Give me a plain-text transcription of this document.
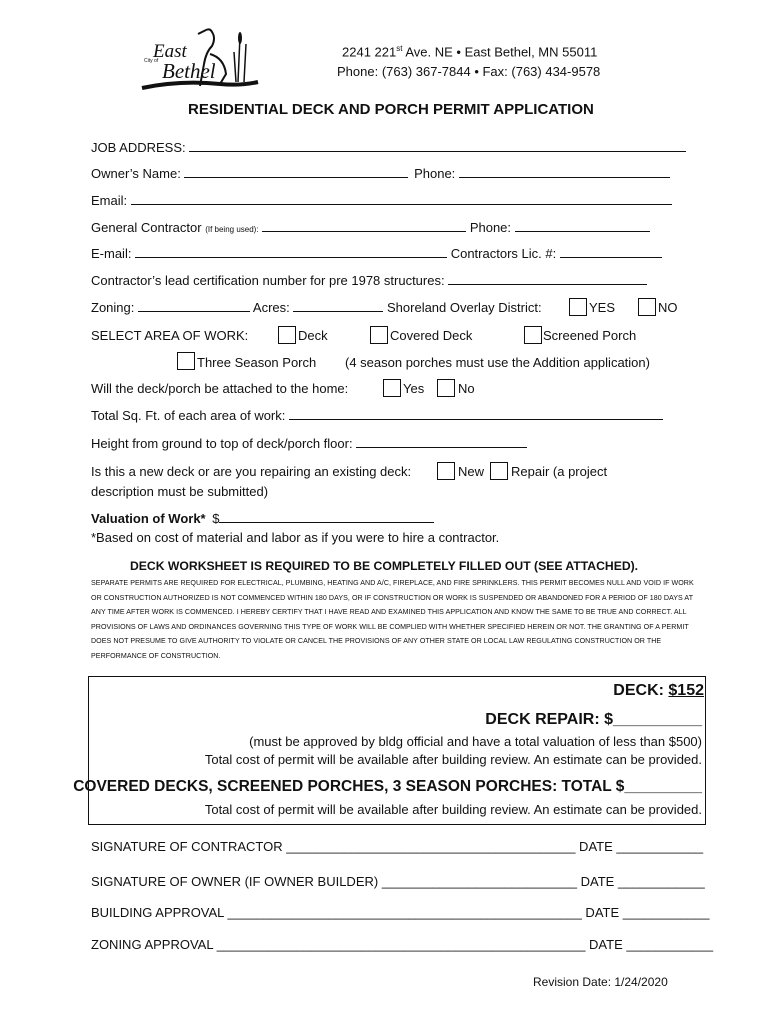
East
City of Bethel
2241 221st Ave. NE • East Bethel, MN 55011
Phone: (763) 367-7844 • Fax: (763) 434-9578
RESIDENTIAL DECK AND PORCH PERMIT APPLICATION
JOB ADDRESS:
Owner’s Name:	Phone:
Email:
General Contractor (If being used):	Phone:
E-mail:	Contractors Lic. #:
Contractor’s lead certification number for pre 1978 structures:
Zoning:	Acres:	Shoreland Overlay District:	YES	NO
SELECT AREA OF WORK:	Deck	Covered Deck	Screened Porch
Three Season Porch (4 season porches must use the Addition application)
Will the deck/porch be attached to the home:	Yes	No
Total Sq. Ft. of each area of work:
Height from ground to top of deck/porch floor:
Is this a new deck or are you repairing an existing deck:	New Repair (a project
description must be submitted)
Valuation of Work* $
*Based on cost of material and labor as if you were to hire a contractor.
DECK WORKSHEET IS REQUIRED TO BE COMPLETELY FILLED OUT (SEE ATTACHED).
SEPARATE PERMITS ARE REQUIRED FOR ELECTRICAL, PLUMBING, HEATING AND A/C, FIREPLACE, AND FIRE SPRINKLERS. THIS PERMIT BECOMES NULL AND VOID IF WORK OR CONSTRUCTION AUTHORIZED IS NOT COMMENCED WITHIN 180 DAYS, OR IF CONSTRUCTION OR WORK IS SUSPENDED OR ABANDONED FOR A PERIOD OF 180 DAYS AT ANY TIME AFTER WORK IS COMMENCED. I HEREBY CERTIFY THAT I HAVE READ AND EXAMINED THIS APPLICATION AND KNOW THE SAME TO BE TRUE AND CORRECT. ALL PROVISIONS OF LAWS AND ORDINANCES GOVERNING THIS TYPE OF WORK WILL BE COMPLIED WITH WHETHER SPECIFIED HEREIN OR NOT. THE GRANTING OF A PERMIT DOES NOT PRESUME TO GIVE AUTHORITY TO VIOLATE OR CANCEL THE PROVISIONS OF ANY OTHER STATE OR LOCAL LAW REGULATING CONSTRUCTION OR THE PERFORMANCE OF CONSTRUCTION.
DECK: $152
DECK REPAIR: $__________
(must be approved by bldg official and have a total valuation of less than $500)
Total cost of permit will be available after building review. An estimate can be provided.
COVERED DECKS, SCREENED PORCHES, 3 SEASON PORCHES: TOTAL $_________
Total cost of permit will be available after building review. An estimate can be provided.
SIGNATURE OF CONTRACTOR ________________________________________ DATE ____________
SIGNATURE OF OWNER (IF OWNER BUILDER) ___________________________ DATE ____________
BUILDING APPROVAL _________________________________________________ DATE ____________
ZONING APPROVAL ___________________________________________________ DATE ____________
Revision Date: 1/24/2020
